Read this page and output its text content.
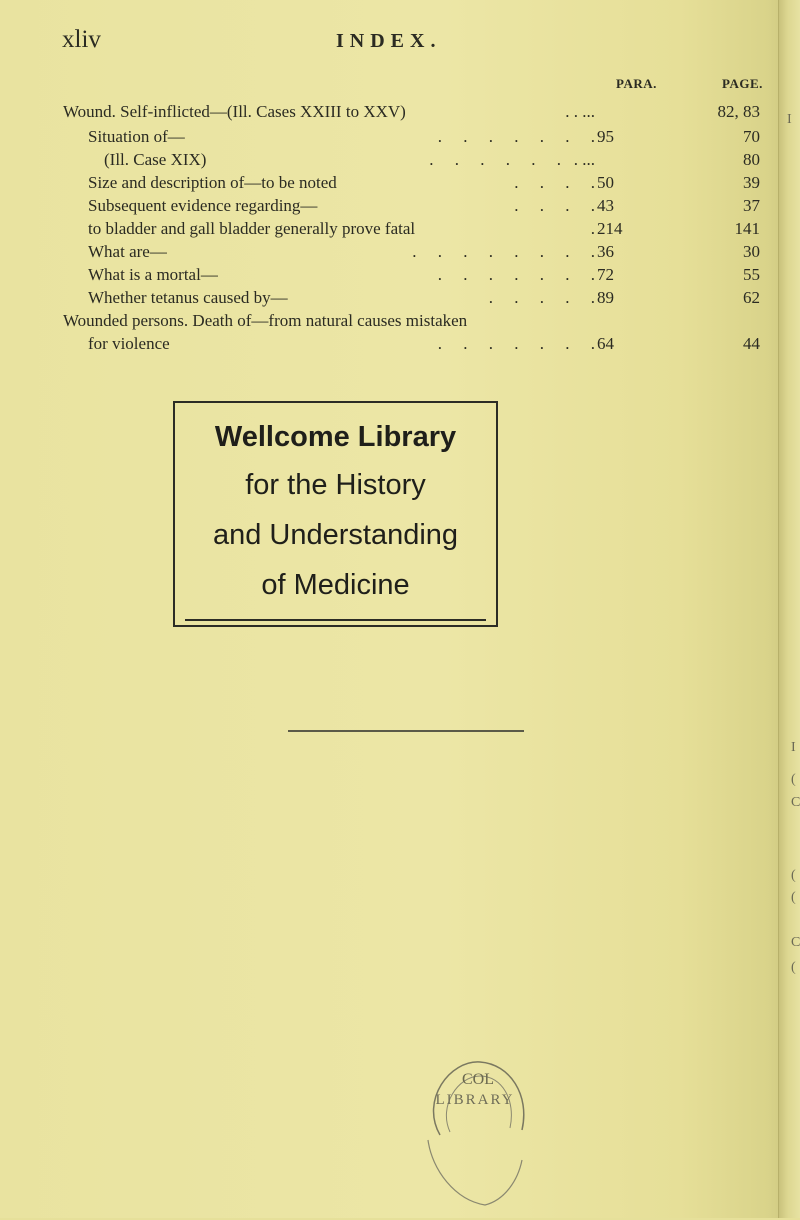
I
I
(
C
(
(
C
(
xliv	INDEX.
PARA.	PAGE.
Wound. Self-inflicted—(Ill. Cases XXIII to XXV)	. . ...	82, 83
Situation of—	.     .     .     .     .     .     . 95	70
(Ill. Case XIX)	.     .     .     .     .     .   . ...	80
Size and description of—to be noted	.     .     .     . 50	39
Subsequent evidence regarding—	.     .     .     . 43	37
to bladder and gall bladder generally prove fatal	. 214	141
What are—	.     .     .     .     .     .     .     . 36	30
What is a mortal—	.     .     .     .     .     .     . 72	55
Whether tetanus caused by—	.     .     .     .     . 89	62
Wounded persons. Death of—from natural causes mistaken
for violence	.     .     .     .     .     .     . 64	44
Wellcome Library
for the History
and Understanding
of Medicine
COL
LIBRARY
